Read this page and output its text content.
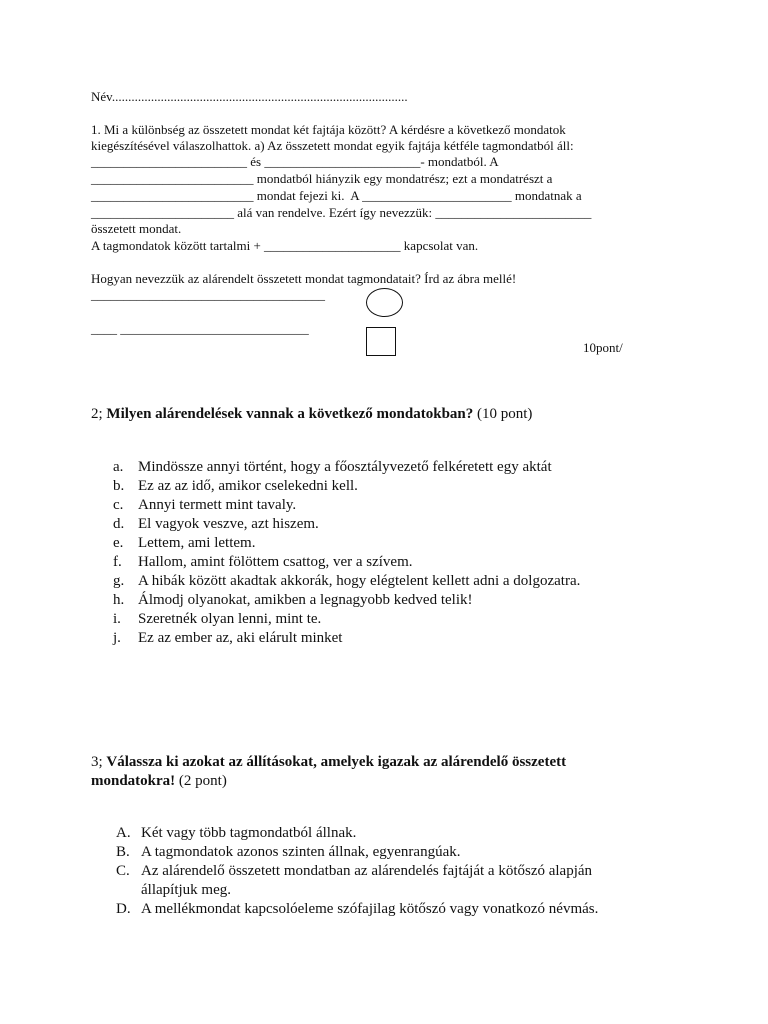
Név...........................................................................................
1. Mi a különbség az összetett mondat két fajtája között? A kérdésre a következő mondatok
kiegészítésével válaszolhattok. a) Az összetett mondat egyik fajtája kétféle tagmondatból áll:
________________________ és ________________________- mondatból. A
_________________________ mondatból hiányzik egy mondatrész; ezt a mondatrészt a
_________________________ mondat fejezi ki.  A _______________________ mondatnak a
______________________ alá van rendelve. Ezért így nevezzük: ________________________
összetett mondat.
A tagmondatok között tartalmi + _____________________ kapcsolat van.
Hogyan nevezzük az alárendelt összetett mondat tagmondatait? Írd az ábra mellé!
____________________________________
____ _____________________________
10pont/
2; Milyen alárendelések vannak a következő mondatokban? (10 pont)
a. Mindössze annyi történt, hogy a főosztályvezető felkéretett egy aktát
b. Ez az az idő, amikor cselekedni kell.
c. Annyi termett mint tavaly.
d. El vagyok veszve, azt hiszem.
e. Lettem, ami lettem.
f. Hallom, amint fölöttem csattog, ver a szívem.
g. A hibák között akadtak akkorák, hogy elégtelent kellett adni a dolgozatra.
h. Álmodj olyanokat, amikben a legnagyobb kedved telik!
i. Szeretnék olyan lenni, mint te.
j. Ez az ember az, aki elárult minket
3; Válassza ki azokat az állításokat, amelyek igazak az alárendelő összetett
mondatokra! (2 pont)
A. Két vagy több tagmondatból állnak.
B. A tagmondatok azonos szinten állnak, egyenrangúak.
C. Az alárendelő összetett mondatban az alárendelés fajtáját a kötőszó alapján
állapítjuk meg.
D. A mellékmondat kapcsolóeleme szófajilag kötőszó vagy vonatkozó névmás.
